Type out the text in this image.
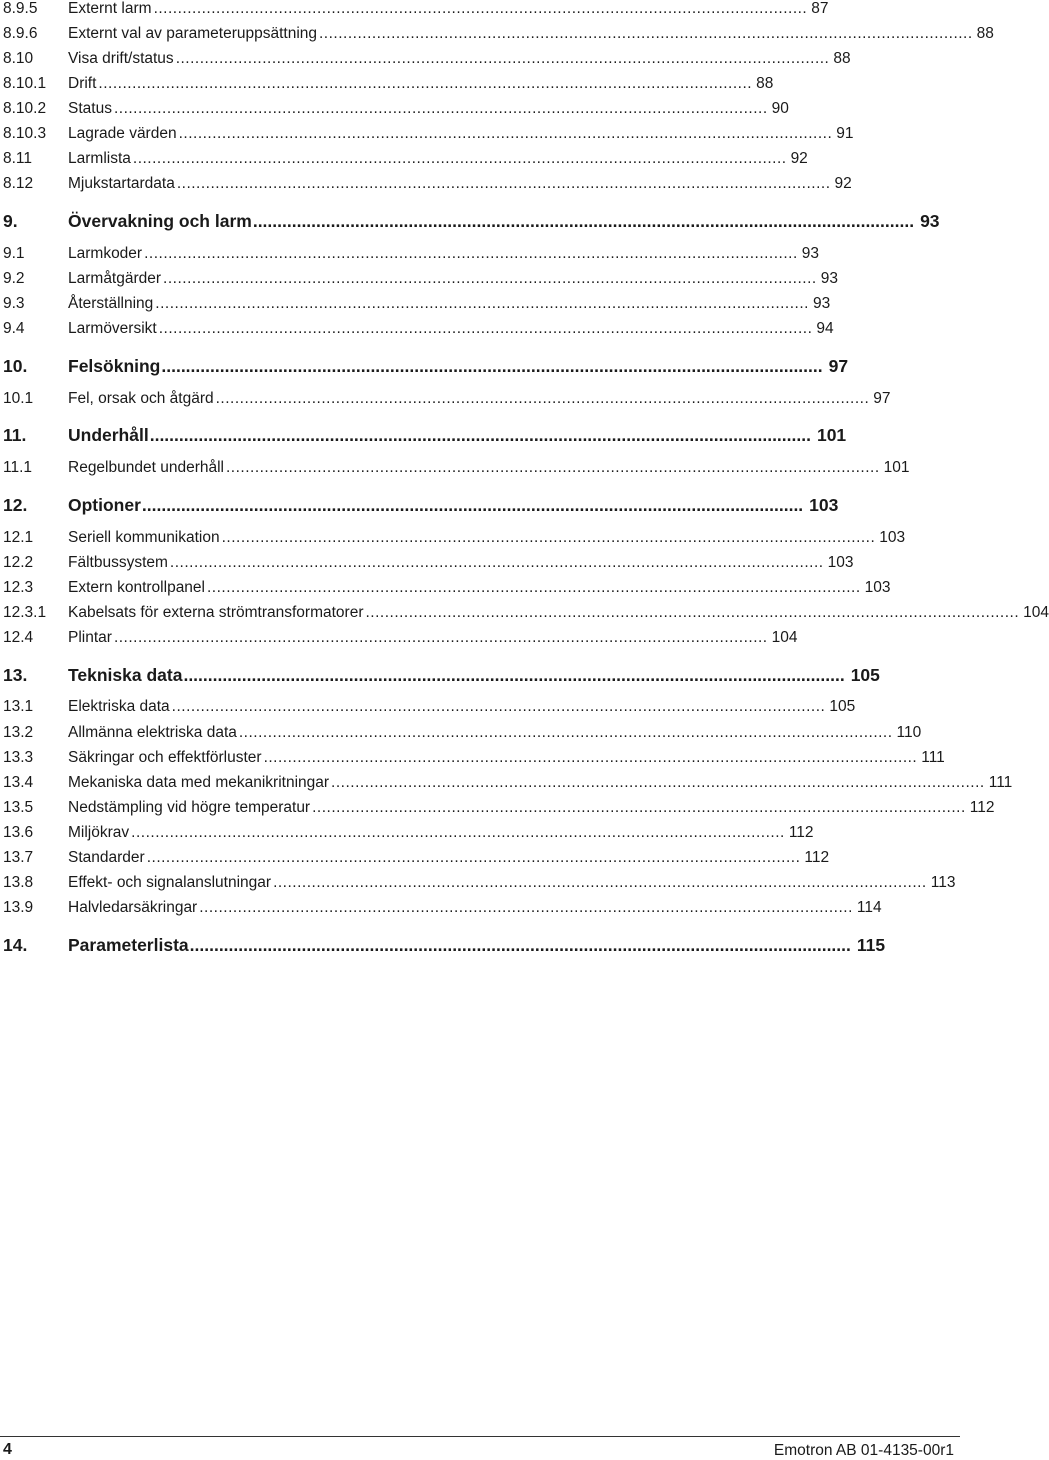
8.9.5	Externt larm ........................................................................................................................................ 87
8.9.6	Externt val av parameteruppsättning ........................................................................................................................................ 88
8.10	Visa drift/status ........................................................................................................................................ 88
8.10.1	Drift ........................................................................................................................................ 88
8.10.2	Status ........................................................................................................................................ 90
8.10.3	Lagrade värden ........................................................................................................................................ 91
8.11	Larmlista ........................................................................................................................................ 92
8.12	Mjukstartardata ........................................................................................................................................ 92
9.	Övervakning och larm ........................................................................................................................................ 93
9.1	Larmkoder ........................................................................................................................................ 93
9.2	Larmåtgärder ........................................................................................................................................ 93
9.3	Återställning ........................................................................................................................................ 93
9.4	Larmöversikt ........................................................................................................................................ 94
10.	Felsökning ........................................................................................................................................ 97
10.1	Fel, orsak och åtgärd ........................................................................................................................................ 97
11.	Underhåll ........................................................................................................................................ 101
11.1	Regelbundet underhåll ........................................................................................................................................ 101
12.	Optioner ........................................................................................................................................ 103
12.1	Seriell kommunikation ........................................................................................................................................ 103
12.2	Fältbussystem ........................................................................................................................................ 103
12.3	Extern kontrollpanel ........................................................................................................................................ 103
12.3.1	Kabelsats för externa strömtransformatorer ........................................................................................................................................ 104
12.4	Plintar ........................................................................................................................................ 104
13.	Tekniska data ........................................................................................................................................ 105
13.1	Elektriska data ........................................................................................................................................ 105
13.2	Allmänna elektriska data ........................................................................................................................................ 110
13.3	Säkringar och effektförluster ........................................................................................................................................ 111
13.4	Mekaniska data med mekanikritningar ........................................................................................................................................ 111
13.5	Nedstämpling vid högre temperatur ........................................................................................................................................ 112
13.6	Miljökrav ........................................................................................................................................ 112
13.7	Standarder ........................................................................................................................................ 112
13.8	Effekt- och signalanslutningar ........................................................................................................................................ 113
13.9	Halvledarsäkringar ........................................................................................................................................ 114
14.	Parameterlista ........................................................................................................................................ 115
4	Emotron AB 01-4135-00r1
